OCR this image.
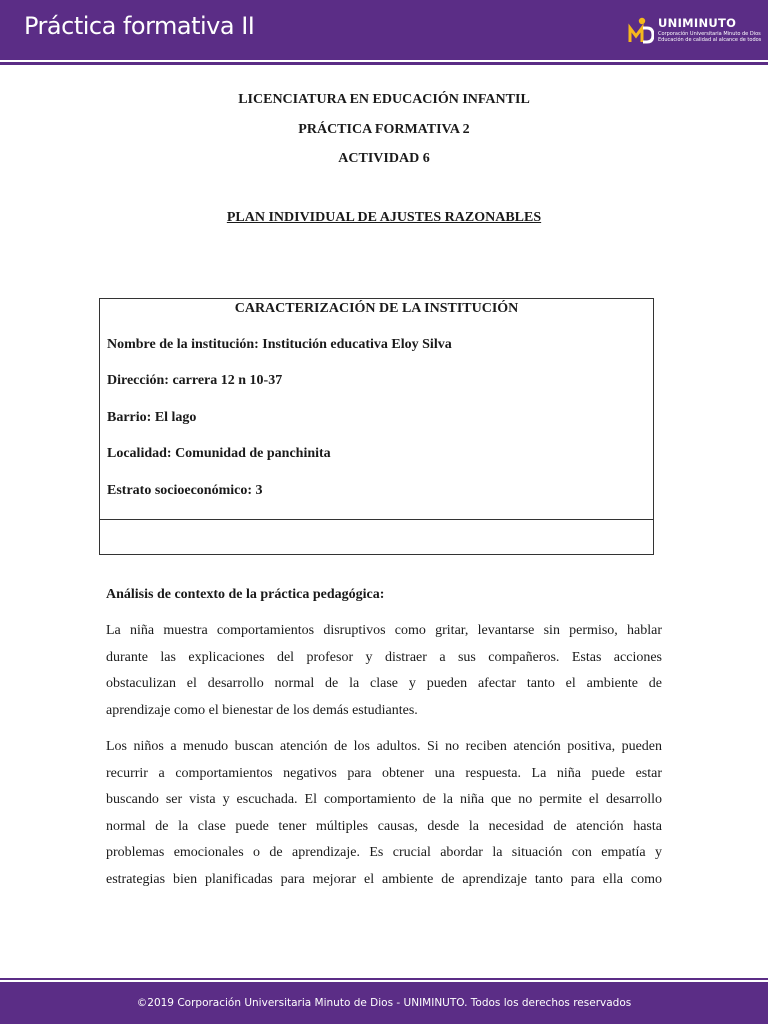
Práctica formativa II	UNIMINUTO
Corporación Universitaria Minuto de Dios
Educación de calidad al alcance de todos
LICENCIATURA EN EDUCACIÓN INFANTIL
PRÁCTICA FORMATIVA 2
ACTIVIDAD 6
PLAN INDIVIDUAL DE AJUSTES RAZONABLES
CARACTERIZACIÓN DE LA INSTITUCIÓN
Nombre de la institución: Institución educativa Eloy Silva
Dirección: carrera 12 n 10-37
Barrio: El lago
Localidad: Comunidad de panchinita
Estrato socioeconómico: 3
Análisis de contexto de la práctica pedagógica:
La niña muestra comportamientos disruptivos como gritar, levantarse sin permiso, hablar
durante las explicaciones del profesor y distraer a sus compañeros. Estas acciones
obstaculizan el desarrollo normal de la clase y pueden afectar tanto el ambiente de
aprendizaje como el bienestar de los demás estudiantes.
Los niños a menudo buscan atención de los adultos. Si no reciben atención positiva, pueden
recurrir a comportamientos negativos para obtener una respuesta. La niña puede estar
buscando ser vista y escuchada. El comportamiento de la niña que no permite el desarrollo
normal de la clase puede tener múltiples causas, desde la necesidad de atención hasta
problemas emocionales o de aprendizaje. Es crucial abordar la situación con empatía y
estrategias bien planificadas para mejorar el ambiente de aprendizaje tanto para ella como
©2019 Corporación Universitaria Minuto de Dios - UNIMINUTO. Todos los derechos reservados
